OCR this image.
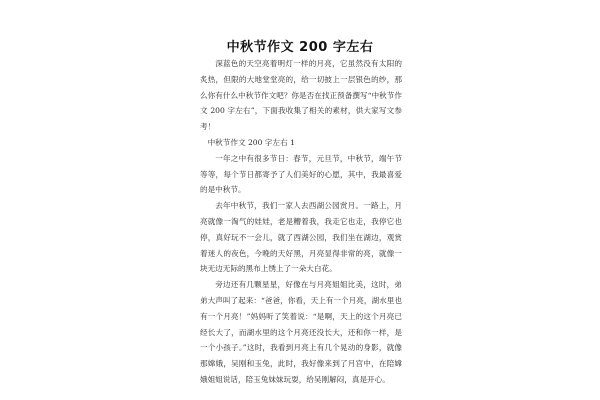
中秋节作文 200 字左右

深蓝色的天空亮着明灯一样的月亮，它虽然没有太阳的炙热，但限的大地堂堂亮的，给一切披上一层银色的纱，那么你有什么中秋节作文吧？你是否在找正预备撰写“中秋节作文 200 字左右”，下面我收集了相关的素材，供大家写文参考！

中秋节作文 200 字左右 1

一年之中有很多节日：春节，元旦节，中秋节，端午节等等，每个节日都寄予了人们美好的心愿，其中，我最喜爱的是中秋节。

去年中秋节，我们一家人去西湖公园赏月。一路上，月亮就像一淘气的娃娃，老是糟着我，我走它也走，我停它也停，真好玩不一会儿，就了西湖公园，我们坐在湖边，观赏着迷人的夜色，今晚的天好黑，月亮显得非常的亮，就像一块无边无际的黑布上绣上了一朵大白花。

旁边还有几颗星星，好像在与月亮姐姐比美，这时，弟弟大声叫了起来：“爸爸，你看，天上有一个月亮，湖水里也有一个月亮！”妈妈听了笑着说：“是啊，天上的这个月亮已经长大了，而湖水里的这个月亮还没长大，还和你一样，是一个小孩子。”这时，我看到月亮上有几个晃动的身影，就像那嫦娥，吴刚和玉兔，此时，我好像来到了月宫中，在陪嫦娥姐姐说话，陪玉兔妹妹玩耍，给吴刚解闷，真是开心。
